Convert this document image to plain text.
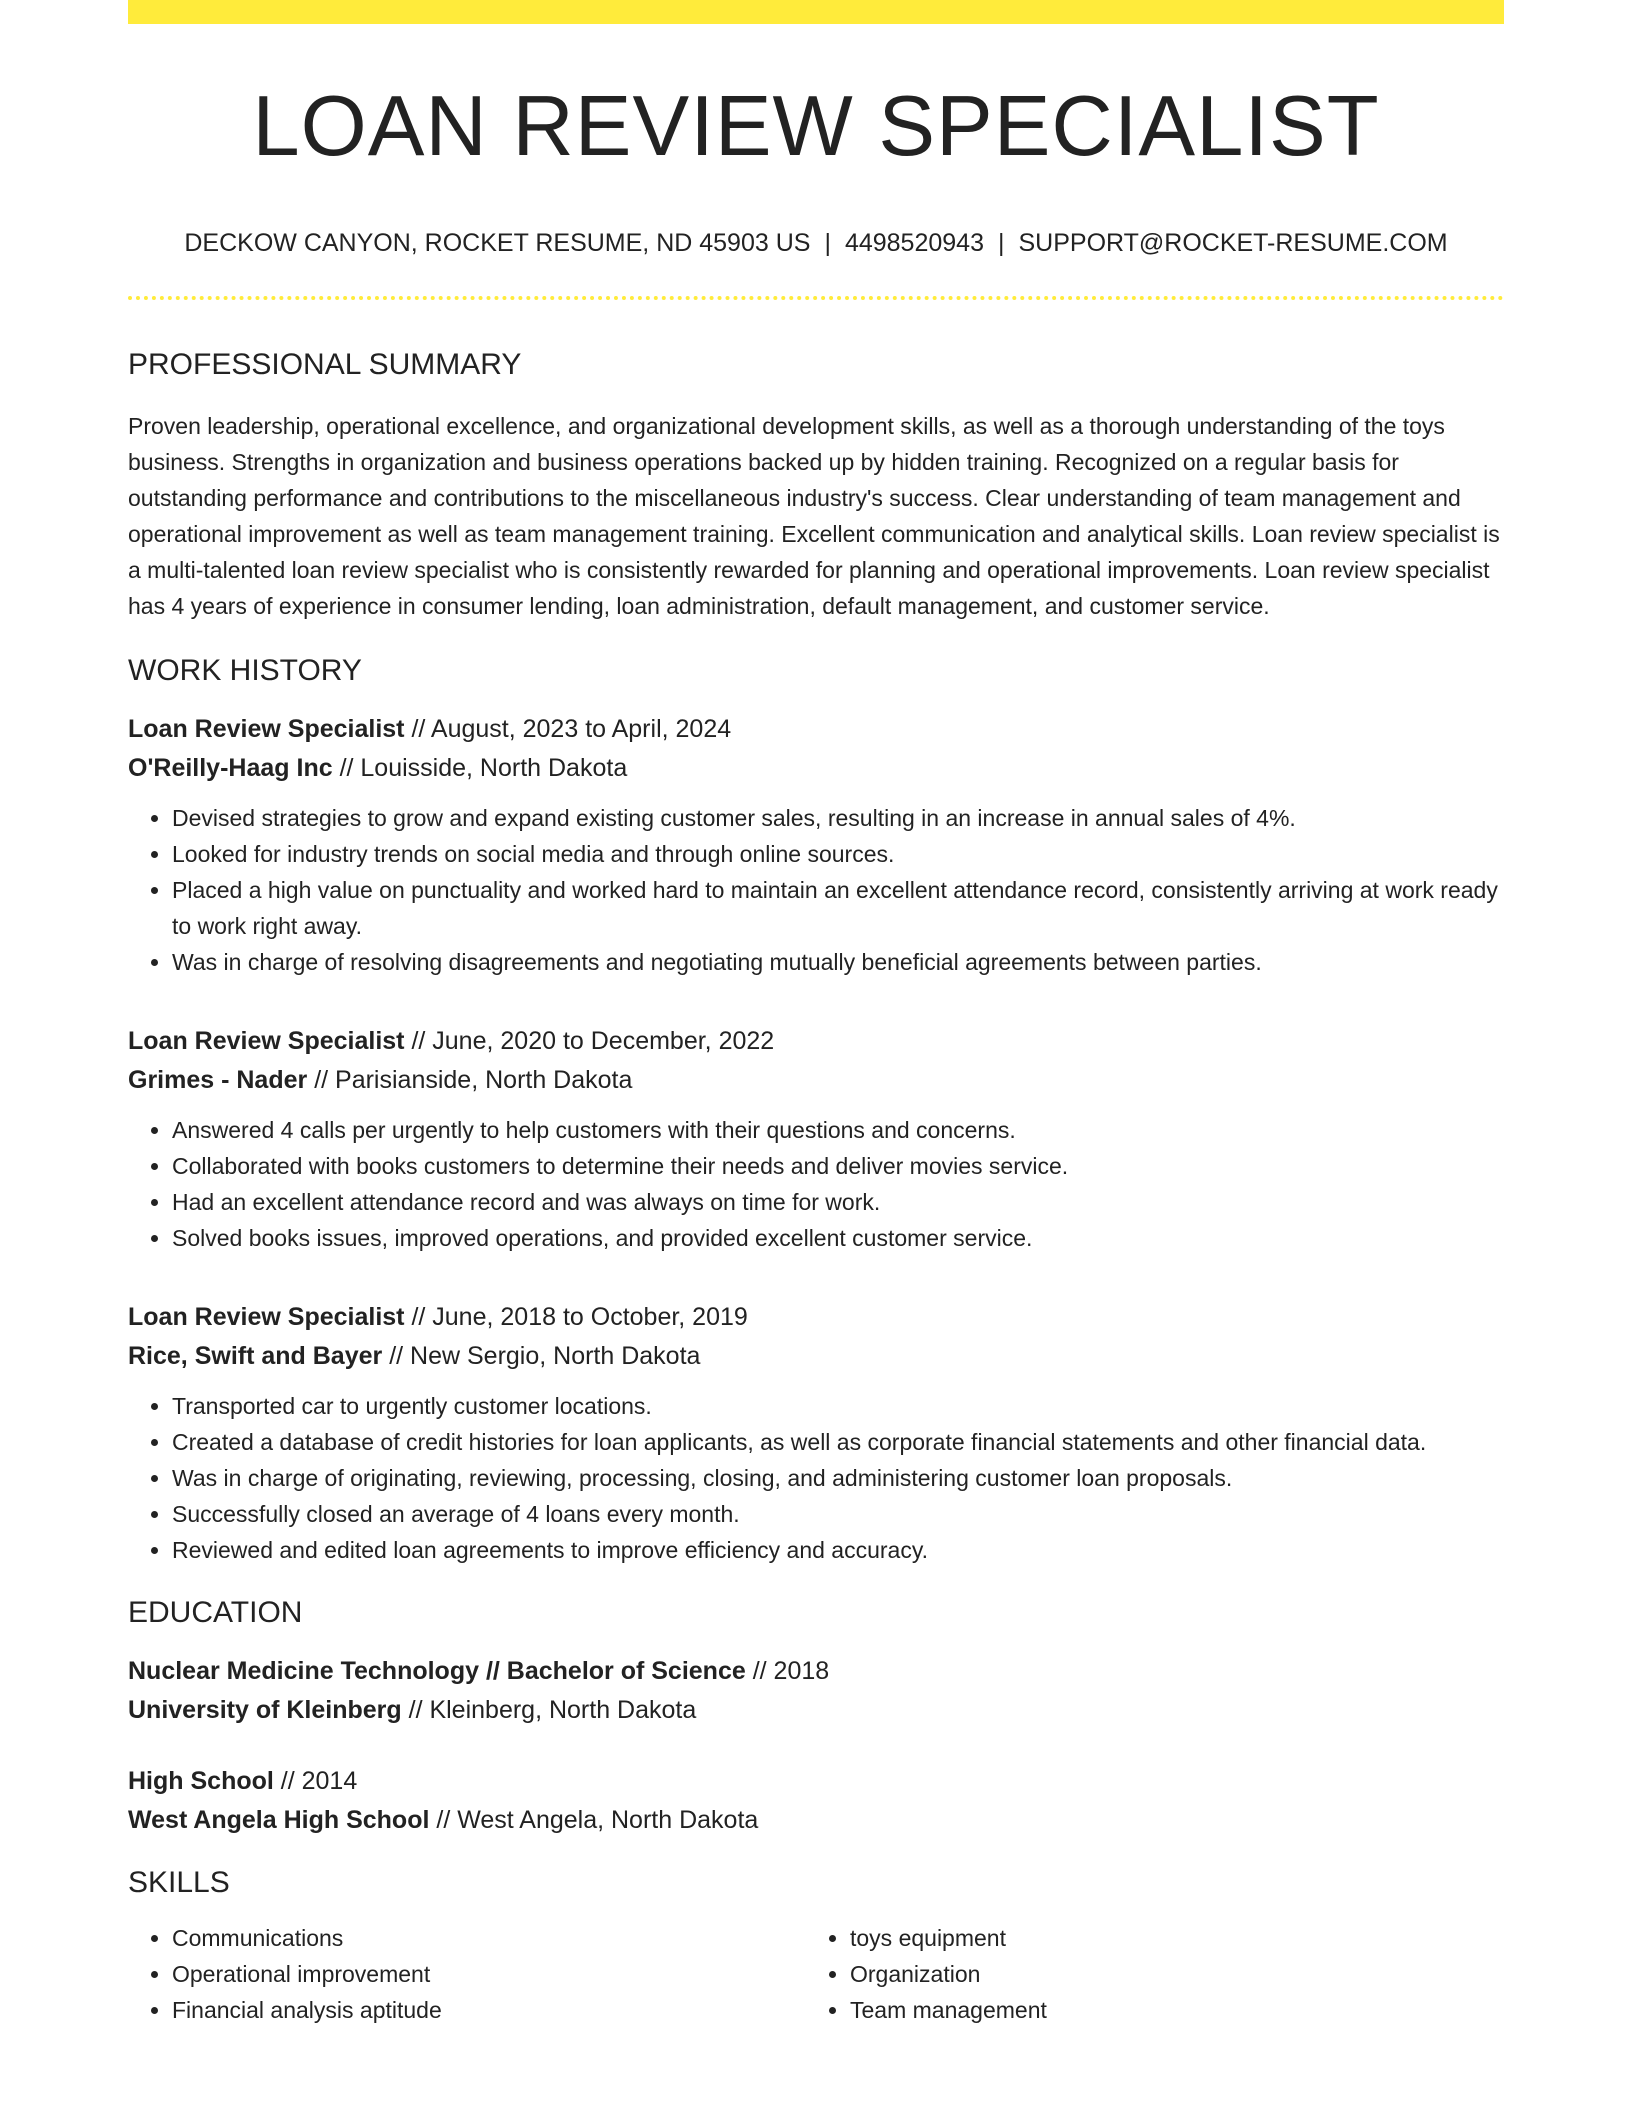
LOAN REVIEW SPECIALIST
DECKOW CANYON, ROCKET RESUME, ND 45903 US | 4498520943 | SUPPORT@ROCKET-RESUME.COM
PROFESSIONAL SUMMARY
Proven leadership, operational excellence, and organizational development skills, as well as a thorough understanding of the toys business. Strengths in organization and business operations backed up by hidden training. Recognized on a regular basis for outstanding performance and contributions to the miscellaneous industry's success. Clear understanding of team management and operational improvement as well as team management training. Excellent communication and analytical skills. Loan review specialist is a multi-talented loan review specialist who is consistently rewarded for planning and operational improvements. Loan review specialist has 4 years of experience in consumer lending, loan administration, default management, and customer service.
WORK HISTORY
Loan Review Specialist // August, 2023 to April, 2024
O'Reilly-Haag Inc // Louisside, North Dakota
• Devised strategies to grow and expand existing customer sales, resulting in an increase in annual sales of 4%.
• Looked for industry trends on social media and through online sources.
• Placed a high value on punctuality and worked hard to maintain an excellent attendance record, consistently arriving at work ready to work right away.
• Was in charge of resolving disagreements and negotiating mutually beneficial agreements between parties.
Loan Review Specialist // June, 2020 to December, 2022
Grimes - Nader // Parisianside, North Dakota
• Answered 4 calls per urgently to help customers with their questions and concerns.
• Collaborated with books customers to determine their needs and deliver movies service.
• Had an excellent attendance record and was always on time for work.
• Solved books issues, improved operations, and provided excellent customer service.
Loan Review Specialist // June, 2018 to October, 2019
Rice, Swift and Bayer // New Sergio, North Dakota
• Transported car to urgently customer locations.
• Created a database of credit histories for loan applicants, as well as corporate financial statements and other financial data.
• Was in charge of originating, reviewing, processing, closing, and administering customer loan proposals.
• Successfully closed an average of 4 loans every month.
• Reviewed and edited loan agreements to improve efficiency and accuracy.
EDUCATION
Nuclear Medicine Technology // Bachelor of Science // 2018
University of Kleinberg // Kleinberg, North Dakota
High School // 2014
West Angela High School // West Angela, North Dakota
SKILLS
• Communications
• Operational improvement
• Financial analysis aptitude
• toys equipment
• Organization
• Team management
